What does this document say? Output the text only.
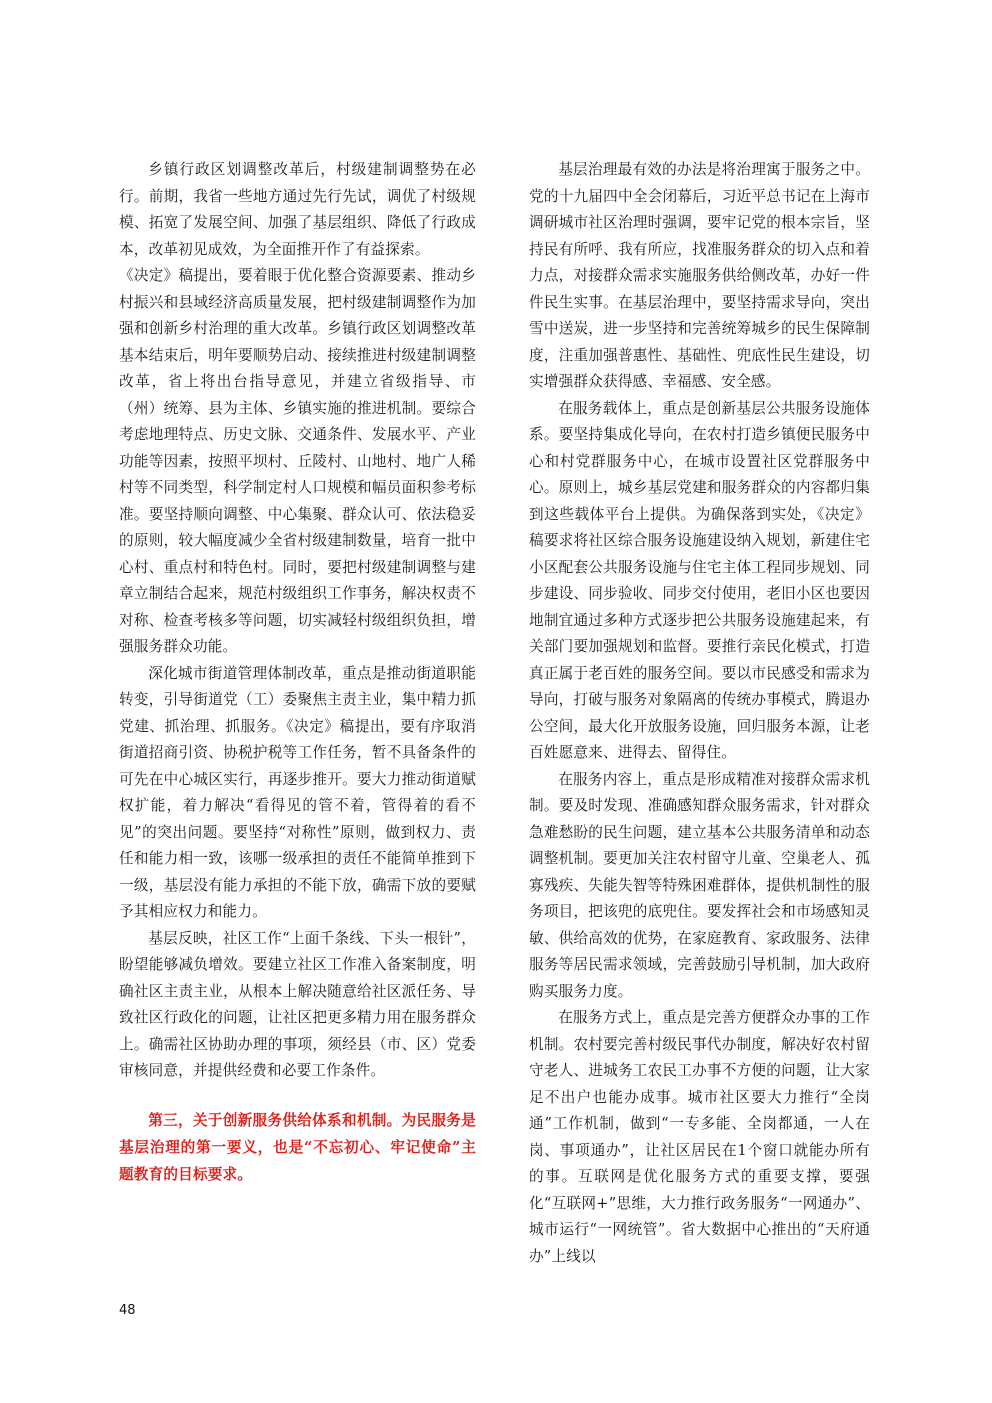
乡镇行政区划调整改革后，村级建制调整势在必行。前期，我省一些地方通过先行先试，调优了村级规模、拓宽了发展空间、加强了基层组织、降低了行政成本，改革初见成效，为全面推开作了有益探索。

《决定》稿提出，要着眼于优化整合资源要素、推动乡村振兴和县域经济高质量发展，把村级建制调整作为加强和创新乡村治理的重大改革。乡镇行政区划调整改革基本结束后，明年要顺势启动、接续推进村级建制调整改革，省上将出台指导意见，并建立省级指导、市（州）统筹、县为主体、乡镇实施的推进机制。要综合考虑地理特点、历史文脉、交通条件、发展水平、产业功能等因素，按照平坝村、丘陵村、山地村、地广人稀村等不同类型，科学制定村人口规模和幅员面积参考标准。要坚持顺向调整、中心集聚、群众认可、依法稳妥的原则，较大幅度减少全省村级建制数量，培育一批中心村、重点村和特色村。同时，要把村级建制调整与建章立制结合起来，规范村级组织工作事务，解决权责不对称、检查考核多等问题，切实减轻村级组织负担，增强服务群众功能。

深化城市街道管理体制改革，重点是推动街道职能转变，引导街道党（工）委聚焦主责主业，集中精力抓党建、抓治理、抓服务。《决定》稿提出，要有序取消街道招商引资、协税护税等工作任务，暂不具备条件的可先在中心城区实行，再逐步推开。要大力推动街道赋权扩能，着力解决“看得见的管不着，管得着的看不见”的突出问题。要坚持“对称性”原则，做到权力、责任和能力相一致，该哪一级承担的责任不能简单推到下一级，基层没有能力承担的不能下放，确需下放的要赋予其相应权力和能力。

基层反映，社区工作“上面千条线、下头一根针”，盼望能够减负增效。要建立社区工作准入备案制度，明确社区主责主业，从根本上解决随意给社区派任务、导致社区行政化的问题，让社区把更多精力用在服务群众上。确需社区协助办理的事项，须经县（市、区）党委审核同意，并提供经费和必要工作条件。

第三，关于创新服务供给体系和机制。为民服务是基层治理的第一要义，也是“不忘初心、牢记使命”主题教育的目标要求。

基层治理最有效的办法是将治理寓于服务之中。党的十九届四中全会闭幕后，习近平总书记在上海市调研城市社区治理时强调，要牢记党的根本宗旨，坚持民有所呼、我有所应，找准服务群众的切入点和着力点，对接群众需求实施服务供给侧改革，办好一件件民生实事。在基层治理中，要坚持需求导向，突出雪中送炭，进一步坚持和完善统筹城乡的民生保障制度，注重加强普惠性、基础性、兜底性民生建设，切实增强群众获得感、幸福感、安全感。

在服务载体上，重点是创新基层公共服务设施体系。要坚持集成化导向，在农村打造乡镇便民服务中心和村党群服务中心，在城市设置社区党群服务中心。原则上，城乡基层党建和服务群众的内容都归集到这些载体平台上提供。为确保落到实处，《决定》稿要求将社区综合服务设施建设纳入规划，新建住宅小区配套公共服务设施与住宅主体工程同步规划、同步建设、同步验收、同步交付使用，老旧小区也要因地制宜通过多种方式逐步把公共服务设施建起来，有关部门要加强规划和监督。要推行亲民化模式，打造真正属于老百姓的服务空间。要以市民感受和需求为导向，打破与服务对象隔离的传统办事模式，腾退办公空间，最大化开放服务设施，回归服务本源，让老百姓愿意来、进得去、留得住。

在服务内容上，重点是形成精准对接群众需求机制。要及时发现、准确感知群众服务需求，针对群众急难愁盼的民生问题，建立基本公共服务清单和动态调整机制。要更加关注农村留守儿童、空巢老人、孤寡残疾、失能失智等特殊困难群体，提供机制性的服务项目，把该兜的底兜住。要发挥社会和市场感知灵敏、供给高效的优势，在家庭教育、家政服务、法律服务等居民需求领域，完善鼓励引导机制，加大政府购买服务力度。

在服务方式上，重点是完善方便群众办事的工作机制。农村要完善村级民事代办制度，解决好农村留守老人、进城务工农民工办事不方便的问题，让大家足不出户也能办成事。城市社区要大力推行“全岗通”工作机制，做到“一专多能、全岗都通，一人在岗、事项通办”，让社区居民在1个窗口就能办所有的事。互联网是优化服务方式的重要支撑，要强化“互联网+”思维，大力推行政务服务“一网通办”、城市运行“一网统管”。省大数据中心推出的“天府通办”上线以

48
